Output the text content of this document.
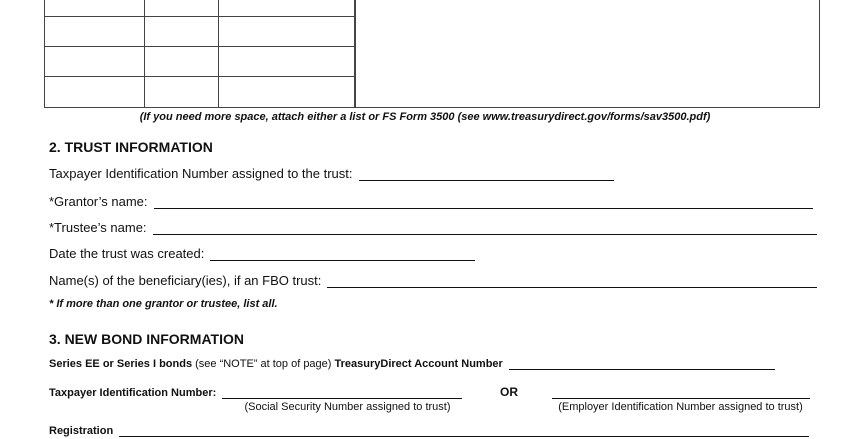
(If you need more space, attach either a list or FS Form 3500 (see www.treasurydirect.gov/forms/sav3500.pdf)
2. TRUST INFORMATION
Taxpayer Identification Number assigned to the trust:
*Grantor’s name:
*Trustee’s name:
Date the trust was created:
Name(s) of the beneficiary(ies), if an FBO trust:
* If more than one grantor or trustee, list all.
3. NEW BOND INFORMATION
Series EE or Series I bonds (see “NOTE” at top of page) TreasuryDirect Account Number
Taxpayer Identification Number:	OR
(Social Security Number assigned to trust)	(Employer Identification Number assigned to trust)
Registration
